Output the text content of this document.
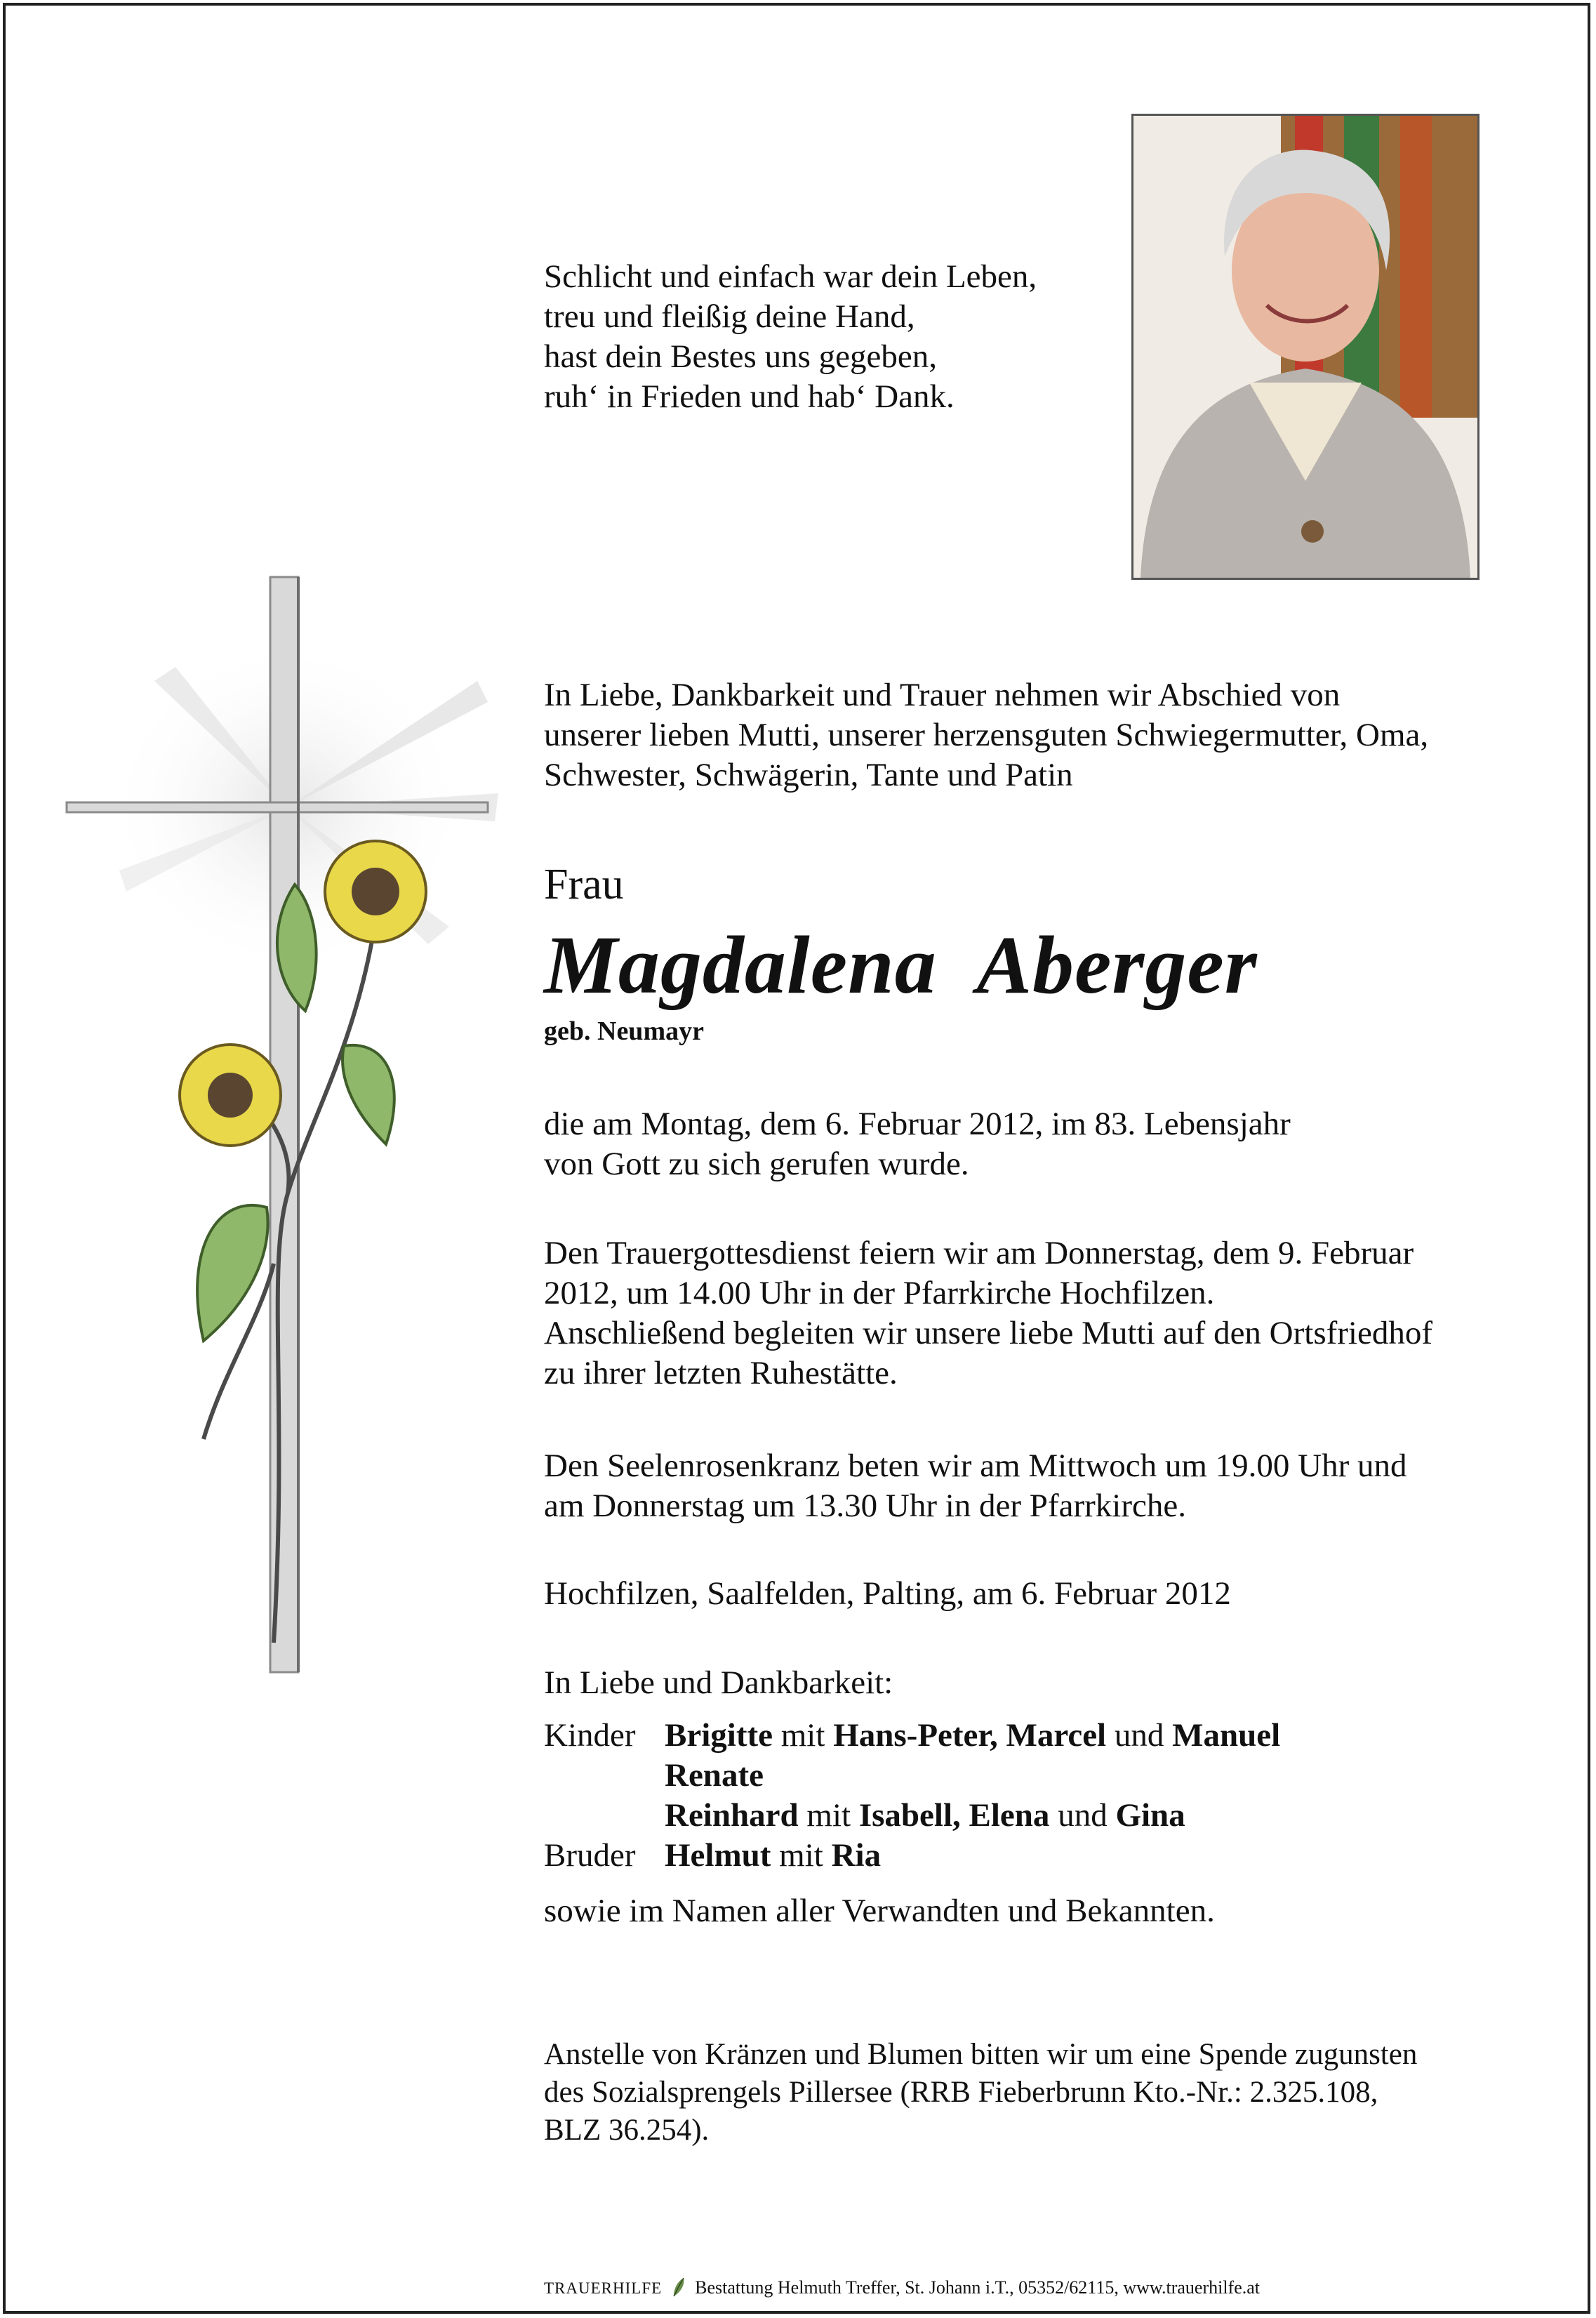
Schlicht und einfach war dein Leben,

treu und fleißig deine Hand,

hast dein Bestes uns gegeben,

ruh‘ in Frieden und hab‘ Dank.

In Liebe, Dankbarkeit und Trauer nehmen wir Abschied von

unserer lieben Mutti, unserer herzensguten Schwiegermutter, Oma,

Schwester, Schwägerin, Tante und Patin

Frau
Magdalena  Aberger
geb. Neumayr

die am Montag, dem 6. Februar 2012, im 83. Lebensjahr

von Gott zu sich gerufen wurde.

Den Trauergottesdienst feiern wir am Donnerstag, dem 9. Februar

2012, um 14.00 Uhr in der Pfarrkirche Hochfilzen.

Anschließend begleiten wir unsere liebe Mutti auf den Ortsfriedhof

zu ihrer letzten Ruhestätte.

Den Seelenrosenkranz beten wir am Mittwoch um 19.00 Uhr und

am Donnerstag um 13.30 Uhr in der Pfarrkirche.

Hochfilzen, Saalfelden, Palting, am 6. Februar 2012
In Liebe und Dankbarkeit:
Kinder Brigitte mit Hans-Peter, Marcel und Manuel
Renate
Reinhard mit Isabell, Elena und Gina
Bruder Helmut mit Ria
sowie im Namen aller Verwandten und Bekannten.

Anstelle von Kränzen und Blumen bitten wir um eine Spende zugunsten

des Sozialsprengels Pillersee (RRB Fieberbrunn Kto.-Nr.: 2.325.108,

BLZ 36.254).

TRAUERHILFE Bestattung Helmuth Treffer, St. Johann i.T., 05352/62115, www.trauerhilfe.at
